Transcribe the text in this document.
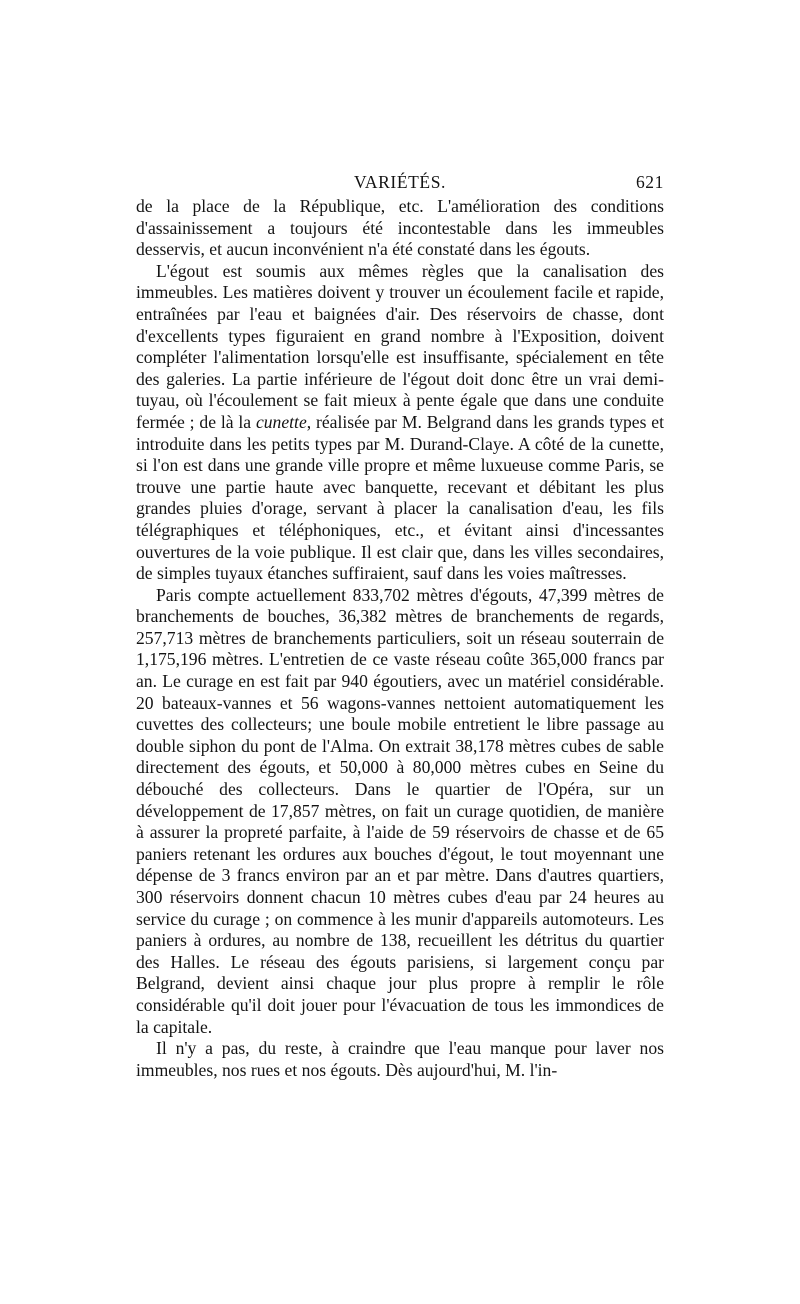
VARIÉTÉS.	621

de la place de la République, etc. L'amélioration des conditions d'assainissement a toujours été incontestable dans les immeubles desservis, et aucun inconvénient n'a été constaté dans les égouts.

L'égout est soumis aux mêmes règles que la canalisation des immeubles. Les matières doivent y trouver un écoulement facile et rapide, entraînées par l'eau et baignées d'air. Des réservoirs de chasse, dont d'excellents types figuraient en grand nombre à l'Exposition, doivent compléter l'alimentation lorsqu'elle est insuffisante, spécialement en tête des galeries. La partie inférieure de l'égout doit donc être un vrai demi-tuyau, où l'écoulement se fait mieux à pente égale que dans une conduite fermée ; de là la cunette, réalisée par M. Belgrand dans les grands types et introduite dans les petits types par M. Durand-Claye. A côté de la cunette, si l'on est dans une grande ville propre et même luxueuse comme Paris, se trouve une partie haute avec banquette, recevant et débitant les plus grandes pluies d'orage, servant à placer la canalisation d'eau, les fils télégraphiques et téléphoniques, etc., et évitant ainsi d'incessantes ouvertures de la voie publique. Il est clair que, dans les villes secondaires, de simples tuyaux étanches suffiraient, sauf dans les voies maîtresses.

Paris compte actuellement 833,702 mètres d'égouts, 47,399 mètres de branchements de bouches, 36,382 mètres de branchements de regards, 257,713 mètres de branchements particuliers, soit un réseau souterrain de 1,175,196 mètres. L'entretien de ce vaste réseau coûte 365,000 francs par an. Le curage en est fait par 940 égoutiers, avec un matériel considérable. 20 bateaux-vannes et 56 wagons-vannes nettoient automatiquement les cuvettes des collecteurs; une boule mobile entretient le libre passage au double siphon du pont de l'Alma. On extrait 38,178 mètres cubes de sable directement des égouts, et 50,000 à 80,000 mètres cubes en Seine du débouché des collecteurs. Dans le quartier de l'Opéra, sur un développement de 17,857 mètres, on fait un curage quotidien, de manière à assurer la propreté parfaite, à l'aide de 59 réservoirs de chasse et de 65 paniers retenant les ordures aux bouches d'égout, le tout moyennant une dépense de 3 francs environ par an et par mètre. Dans d'autres quartiers, 300 réservoirs donnent chacun 10 mètres cubes d'eau par 24 heures au service du curage ; on commence à les munir d'appareils automoteurs. Les paniers à ordures, au nombre de 138, recueillent les détritus du quartier des Halles. Le réseau des égouts parisiens, si largement conçu par Belgrand, devient ainsi chaque jour plus propre à remplir le rôle considérable qu'il doit jouer pour l'évacuation de tous les immondices de la capitale.

Il n'y a pas, du reste, à craindre que l'eau manque pour laver nos immeubles, nos rues et nos égouts. Dès aujourd'hui, M. l'in-
